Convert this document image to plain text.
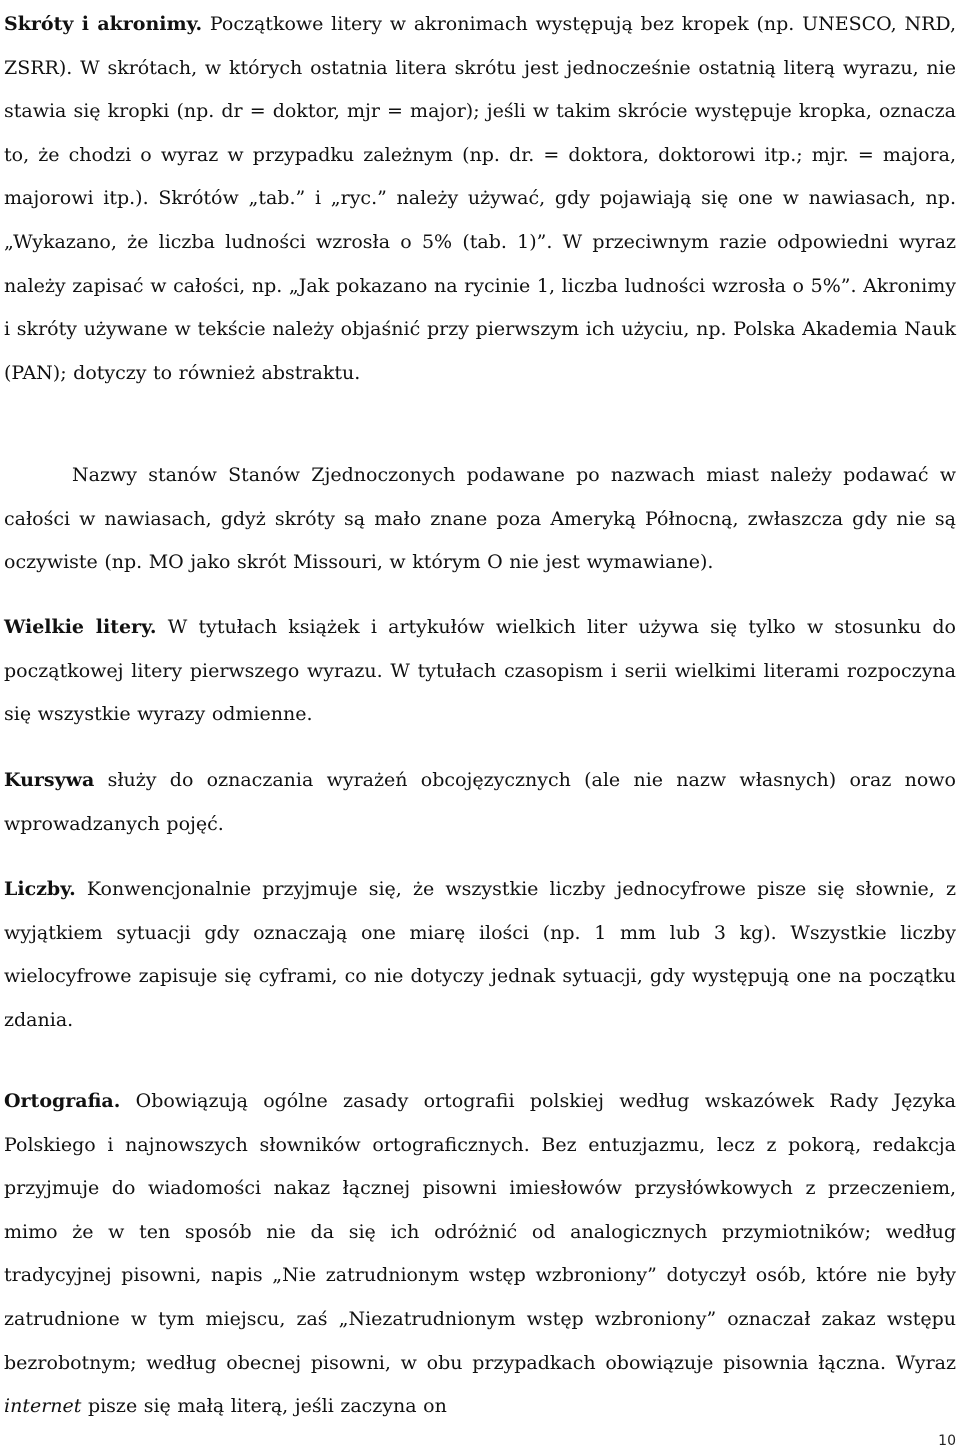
Skróty i akronimy. Początkowe litery w akronimach występują bez kropek (np. UNESCO, NRD, ZSRR). W skrótach, w których ostatnia litera skrótu jest jednocześnie ostatnią literą wyrazu, nie stawia się kropki (np. dr = doktor, mjr = major); jeśli w takim skrócie występuje kropka, oznacza to, że chodzi o wyraz w przypadku zależnym (np. dr. = doktora, doktorowi itp.; mjr. = majora, majorowi itp.). Skrótów „tab.” i „ryc.” należy używać, gdy pojawiają się one w nawiasach, np. „Wykazano, że liczba ludności wzrosła o 5% (tab. 1)”. W przeciwnym razie odpowiedni wyraz należy zapisać w całości, np. „Jak pokazano na rycinie 1, liczba ludności wzrosła o 5%”. Akronimy i skróty używane w tekście należy objaśnić przy pierwszym ich użyciu, np. Polska Akademia Nauk (PAN); dotyczy to również abstraktu.

Nazwy stanów Stanów Zjednoczonych podawane po nazwach miast należy podawać w całości w nawiasach, gdyż skróty są mało znane poza Ameryką Północną, zwłaszcza gdy nie są oczywiste (np. MO jako skrót Missouri, w którym O nie jest wymawiane).

Wielkie litery. W tytułach książek i artykułów wielkich liter używa się tylko w stosunku do początkowej litery pierwszego wyrazu. W tytułach czasopism i serii wielkimi literami rozpoczyna się wszystkie wyrazy odmienne.

Kursywa służy do oznaczania wyrażeń obcojęzycznych (ale nie nazw własnych) oraz nowo wprowadzanych pojęć.

Liczby. Konwencjonalnie przyjmuje się, że wszystkie liczby jednocyfrowe pisze się słownie, z wyjątkiem sytuacji gdy oznaczają one miarę ilości (np. 1 mm lub 3 kg). Wszystkie liczby wielocyfrowe zapisuje się cyframi, co nie dotyczy jednak sytuacji, gdy występują one na początku zdania.

Ortografia. Obowiązują ogólne zasady ortografii polskiej według wskazówek Rady Języka Polskiego i najnowszych słowników ortograficznych. Bez entuzjazmu, lecz z pokorą, redakcja przyjmuje do wiadomości nakaz łącznej pisowni imiesłowów przysłówkowych z przeczeniem, mimo że w ten sposób nie da się ich odróżnić od analogicznych przymiotników; według tradycyjnej pisowni, napis „Nie zatrudnionym wstęp wzbroniony” dotyczył osób, które nie były zatrudnione w tym miejscu, zaś „Niezatrudnionym wstęp wzbroniony” oznaczał zakaz wstępu bezrobotnym; według obecnej pisowni, w obu przypadkach obowiązuje pisownia łączna. Wyraz internet pisze się małą literą, jeśli zaczyna on

10
